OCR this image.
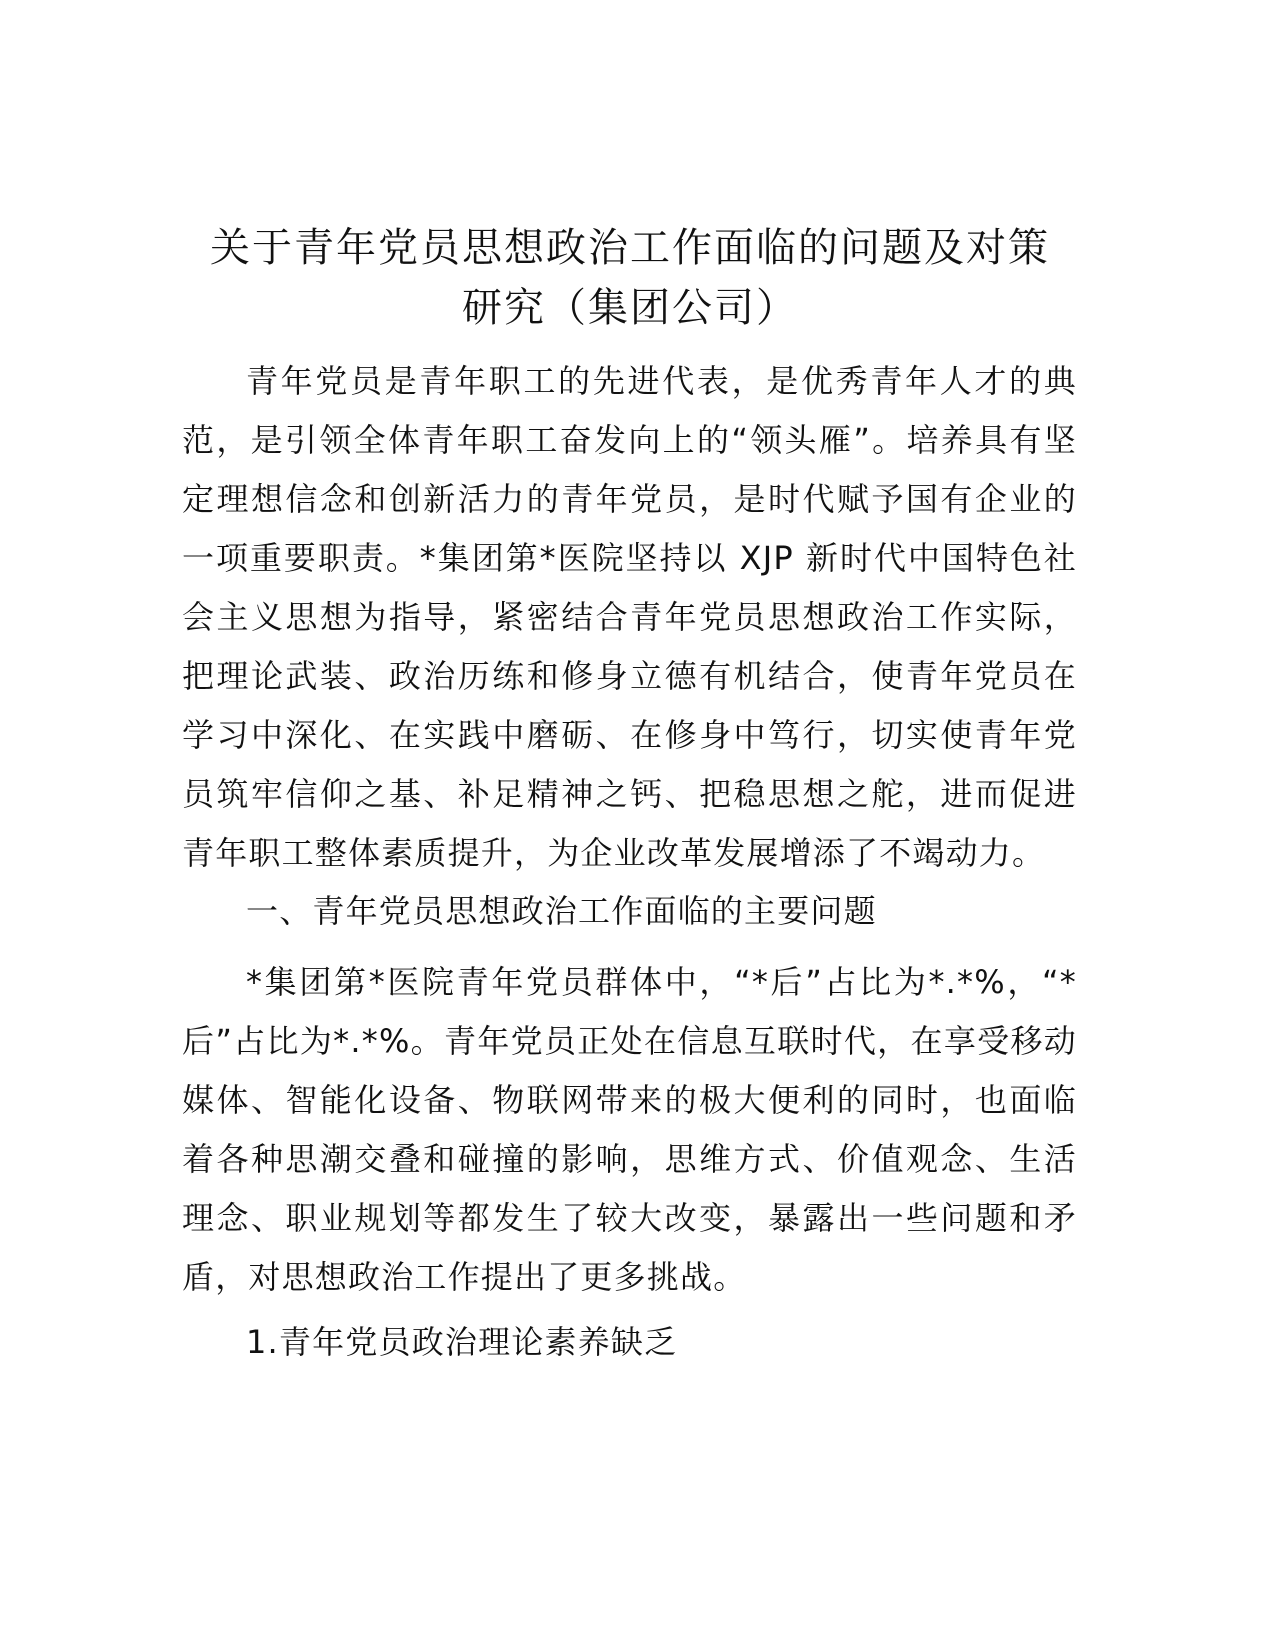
关于青年党员思想政治工作面临的问题及对策
研究（集团公司）

青年党员是青年职工的先进代表，是优秀青年人才的典范，是引领全体青年职工奋发向上的“领头雁”。培养具有坚定理想信念和创新活力的青年党员，是时代赋予国有企业的一项重要职责。*集团第*医院坚持以 XJP 新时代中国特色社会主义思想为指导，紧密结合青年党员思想政治工作实际，把理论武装、政治历练和修身立德有机结合，使青年党员在学习中深化、在实践中磨砺、在修身中笃行，切实使青年党员筑牢信仰之基、补足精神之钙、把稳思想之舵，进而促进青年职工整体素质提升，为企业改革发展增添了不竭动力。

一、青年党员思想政治工作面临的主要问题

*集团第*医院青年党员群体中，“*后”占比为*.*%，“*后”占比为*.*%。青年党员正处在信息互联时代，在享受移动媒体、智能化设备、物联网带来的极大便利的同时，也面临着各种思潮交叠和碰撞的影响，思维方式、价值观念、生活理念、职业规划等都发生了较大改变，暴露出一些问题和矛盾，对思想政治工作提出了更多挑战。

1.青年党员政治理论素养缺乏
